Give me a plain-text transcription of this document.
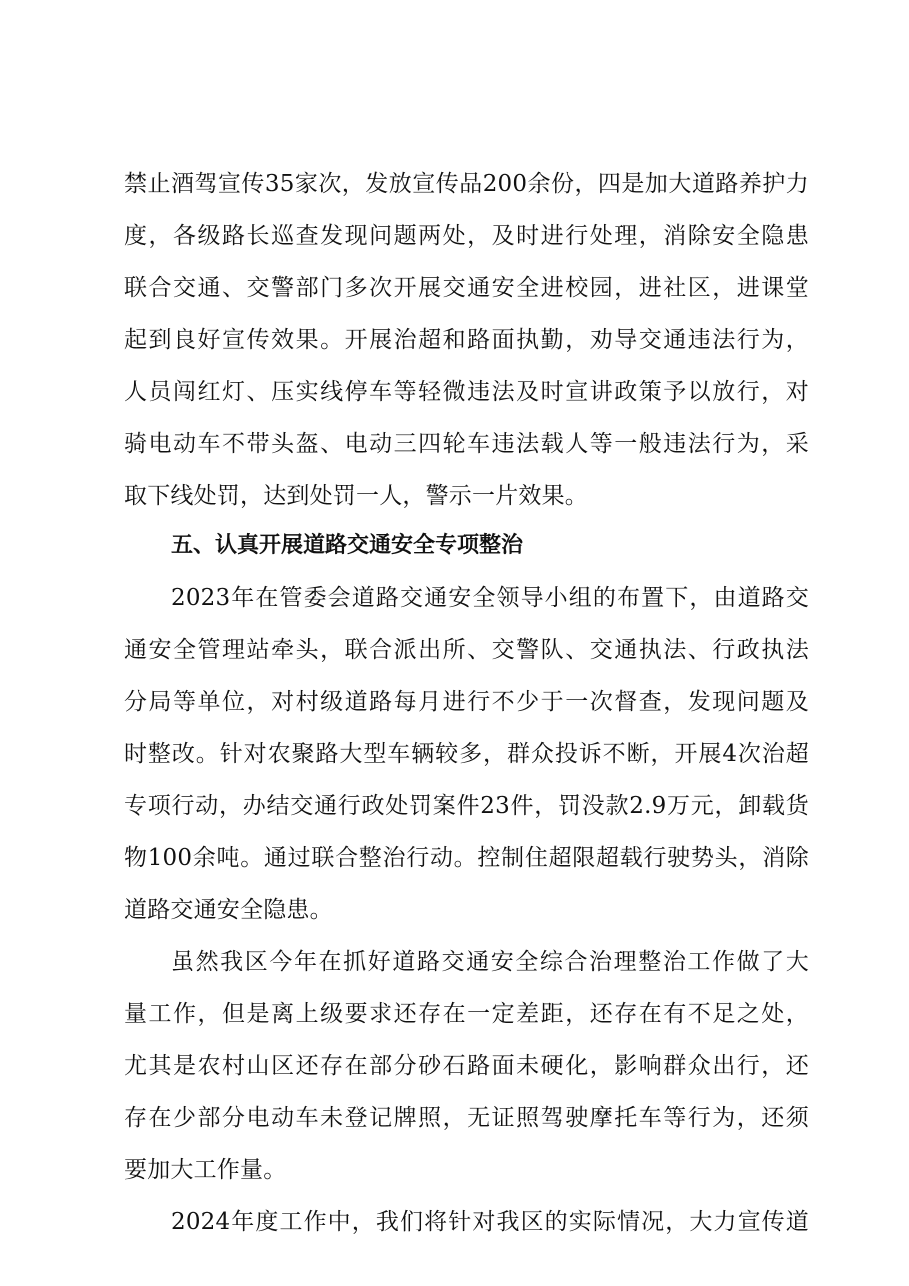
禁止酒驾宣传35家次，发放宣传品200余份，四是加大道路养护力
度，各级路长巡查发现问题两处，及时进行处理，消除安全隐患
联合交通、交警部门多次开展交通安全进校园，进社区，进课堂
起到良好宣传效果。开展治超和路面执勤，劝导交通违法行为，
人员闯红灯、压实线停车等轻微违法及时宣讲政策予以放行，对
骑电动车不带头盔、电动三四轮车违法载人等一般违法行为，采
取下线处罚，达到处罚一人，警示一片效果。
五、认真开展道路交通安全专项整治
2023年在管委会道路交通安全领导小组的布置下，由道路交
通安全管理站牵头，联合派出所、交警队、交通执法、行政执法
分局等单位，对村级道路每月进行不少于一次督查，发现问题及
时整改。针对农聚路大型车辆较多，群众投诉不断，开展4次治超
专项行动，办结交通行政处罚案件23件，罚没款2.9万元，卸载货
物100余吨。通过联合整治行动。控制住超限超载行驶势头，消除
道路交通安全隐患。
虽然我区今年在抓好道路交通安全综合治理整治工作做了大
量工作，但是离上级要求还存在一定差距，还存在有不足之处，
尤其是农村山区还存在部分砂石路面未硬化，影响群众出行，还
存在少部分电动车未登记牌照，无证照驾驶摩托车等行为，还须
要加大工作量。
2024年度工作中，我们将针对我区的实际情况，大力宣传道
